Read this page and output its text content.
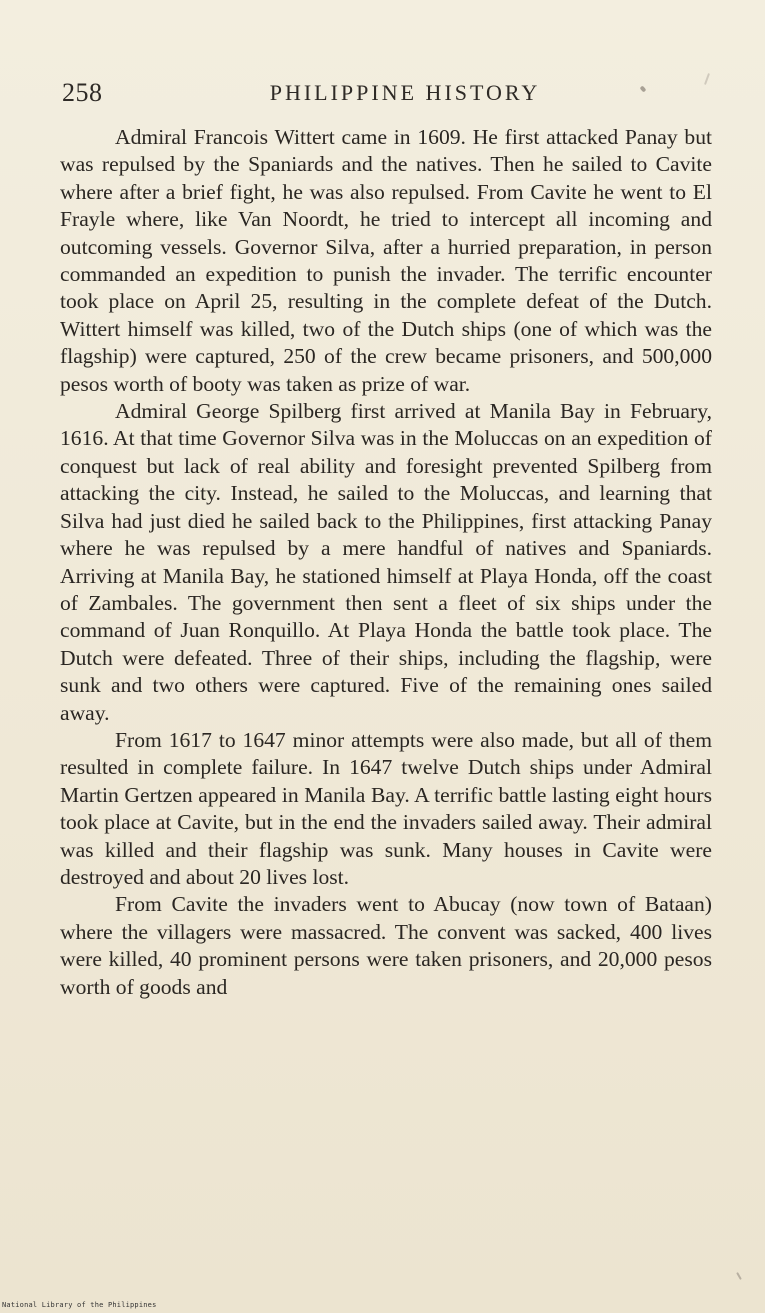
258	PHILIPPINE HISTORY

Admiral Francois Wittert came in 1609. He first attacked Panay but was repulsed by the Spaniards and the natives. Then he sailed to Cavite where after a brief fight, he was also repulsed. From Cavite he went to El Frayle where, like Van Noordt, he tried to intercept all incoming and outcoming vessels. Governor Silva, after a hurried preparation, in person commanded an expedition to punish the invader. The terrific encounter took place on April 25, resulting in the complete defeat of the Dutch. Wittert himself was killed, two of the Dutch ships (one of which was the flagship) were captured, 250 of the crew became prisoners, and 500,000 pesos worth of booty was taken as prize of war.

Admiral George Spilberg first arrived at Manila Bay in February, 1616. At that time Governor Silva was in the Moluccas on an expedition of conquest but lack of real ability and foresight prevented Spilberg from attacking the city. Instead, he sailed to the Moluccas, and learning that Silva had just died he sailed back to the Philippines, first attacking Panay where he was repulsed by a mere handful of natives and Spaniards. Arriving at Manila Bay, he stationed himself at Playa Honda, off the coast of Zambales. The government then sent a fleet of six ships under the command of Juan Ronquillo. At Playa Honda the battle took place. The Dutch were defeated. Three of their ships, including the flagship, were sunk and two others were captured. Five of the remaining ones sailed away.

From 1617 to 1647 minor attempts were also made, but all of them resulted in complete failure. In 1647 twelve Dutch ships under Admiral Martin Gertzen appeared in Manila Bay. A terrific battle lasting eight hours took place at Cavite, but in the end the invaders sailed away. Their admiral was killed and their flagship was sunk. Many houses in Cavite were destroyed and about 20 lives lost.

From Cavite the invaders went to Abucay (now town of Bataan) where the villagers were massacred. The convent was sacked, 400 lives were killed, 40 prominent persons were taken prisoners, and 20,000 pesos worth of goods and

National Library of the Philippines
